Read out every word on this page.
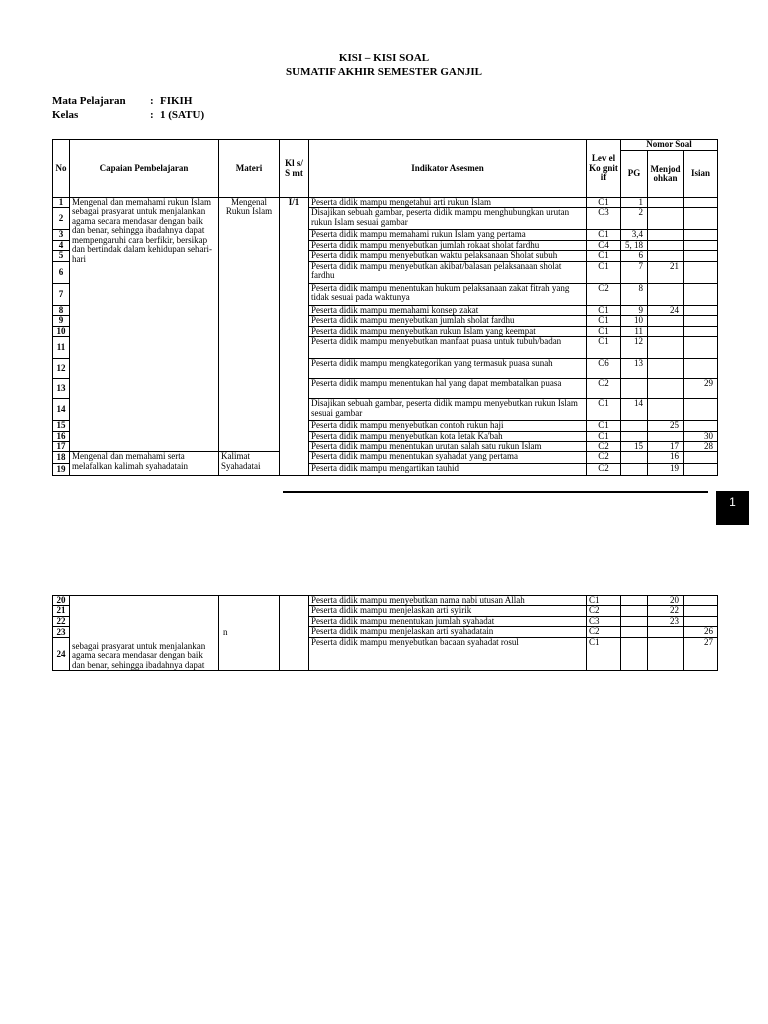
KISI – KISI SOAL
SUMATIF AKHIR SEMESTER GANJIL
Mata Pelajaran : FIKIH
Kelas	: 1 (SATU)
No	Capaian Pembelajaran	Materi	Kl s/ S mt	Indikator Asesmen	Lev el Ko gnit if	Nomor Soal		
						PG	Menjod ohkan	Isian
1	Mengenal dan memahami rukun Islam sebagai prasyarat untuk menjalankan agama secara mendasar dengan baik dan benar, sehingga ibadahnya dapat mempengaruhi cara berfikir, bersikap dan bertindak dalam kehidupan sehari-hari	Mengenal Rukun Islam	I/1	Peserta didik mampu mengetahui arti rukun Islam	C1	1		
2				Disajikan sebuah gambar, peserta didik mampu menghubungkan urutan rukun Islam sesuai gambar	C3	2		
3				Peserta didik mampu memahami rukun Islam yang pertama	C1	3,4		
4				Peserta didik mampu menyebutkan jumlah rokaat sholat fardhu	C4	5, 18		
5				Peserta didik mampu menyebutkan waktu pelaksanaan Sholat subuh	C1	6		
6				Peserta didik mampu menyebutkan akibat/balasan pelaksanaan sholat fardhu	C1	7	21	
7				Peserta didik mampu menentukan hukum pelaksanaan zakat fitrah yang tidak sesuai pada waktunya	C2	8		
8				Peserta didik mampu memahami konsep zakat	C1	9	24	
9				Peserta didik mampu menyebutkan jumlah sholat fardhu	C1	10		
10				Peserta didik mampu menyebutkan rukun Islam yang keempat	C1	11		
11				Peserta didik mampu menyebutkan manfaat puasa untuk tubuh/badan	C1	12		
12				Peserta didik mampu mengkategorikan yang termasuk puasa sunah	C6	13		
13				Peserta didik mampu menentukan hal yang dapat membatalkan puasa	C2			29
14				Disajikan sebuah gambar, peserta didik mampu menyebutkan rukun Islam sesuai gambar	C1	14		
15				Peserta didik mampu menyebutkan contoh rukun haji	C1		25	
16				Peserta didik mampu menyebutkan kota letak Ka'bah	C1			30
17				Peserta didik mampu menentukan urutan salah satu rukun Islam	C2	15	17	28
18	Mengenal dan memahami serta melafalkan kalimah syahadatain	Kalimat Syahadatai		Peserta didik mampu menentukan syahadat yang pertama	C2		16	
19				Peserta didik mampu mengartikan tauhid	C2		19	
1
20	sebagai prasyarat untuk menjalankan agama secara mendasar dengan baik dan benar, sehingga ibadahnya dapat	n		Peserta didik mampu menyebutkan nama nabi utusan Allah	C1		20	
21				Peserta didik mampu menjelaskan arti syirik	C2		22	
22				Peserta didik mampu menentukan jumlah syahadat	C3		23	
23				Peserta didik mampu menjelaskan arti syahadatain	C2			26
24				Peserta didik mampu menyebutkan bacaan syahadat rosul	C1			27
